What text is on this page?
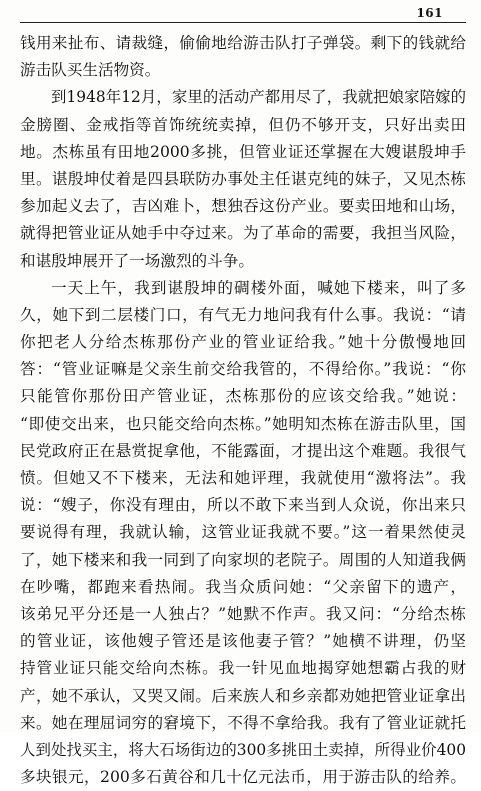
161
钱用来扯布、请裁缝，偷偷地给游击队打子弹袋。剩下的钱就给
游击队买生活物资。
到1948年12月，家里的活动产都用尽了，我就把娘家陪嫁的
金膀圈、金戒指等首饰统统卖掉，但仍不够开支，只好出卖田
地。杰栋虽有田地2000多挑，但管业证还掌握在大嫂谌殷坤手
里。谌殷坤仗着是四县联防办事处主任谌克纯的妹子，又见杰栋
参加起义去了，吉凶难卜，想独吞这份产业。要卖田地和山场，
就得把管业证从她手中夺过来。为了革命的需要，我担当风险，
和谌殷坤展开了一场激烈的斗争。
一天上午，我到谌殷坤的碉楼外面，喊她下楼来，叫了多
久，她下到二层楼门口，有气无力地问我有什么事。我说：“请
你把老人分给杰栋那份产业的管业证给我。”她十分傲慢地回
答：“管业证嘛是父亲生前交给我管的，不得给你。”我说：“你
只能管你那份田产管业证，杰栋那份的应该交给我。”她说：
“即使交出来，也只能交给向杰栋。”她明知杰栋在游击队里，国
民党政府正在悬赏捉拿他，不能露面，才提出这个难题。我很气
愤。但她又不下楼来，无法和她评理，我就使用“激将法”。我
说：“嫂子，你没有理由，所以不敢下来当到人众说，你出来只
要说得有理，我就认输，这管业证我就不要。”这一着果然使灵
了，她下楼来和我一同到了向家坝的老院子。周围的人知道我俩
在吵嘴，都跑来看热闹。我当众质问她：“父亲留下的遗产，
该弟兄平分还是一人独占？”她默不作声。我又问：“分给杰栋
的管业证，该他嫂子管还是该他妻子管？”她横不讲理，仍坚
持管业证只能交给向杰栋。我一针见血地揭穿她想霸占我的财
产，她不承认，又哭又闹。后来族人和乡亲都劝她把管业证拿出
来。她在理屈词穷的窘境下，不得不拿给我。我有了管业证就托
人到处找买主，将大石场街边的300多挑田土卖掉，所得业价400
多块银元，200多石黄谷和几十亿元法币，用于游击队的给养。
